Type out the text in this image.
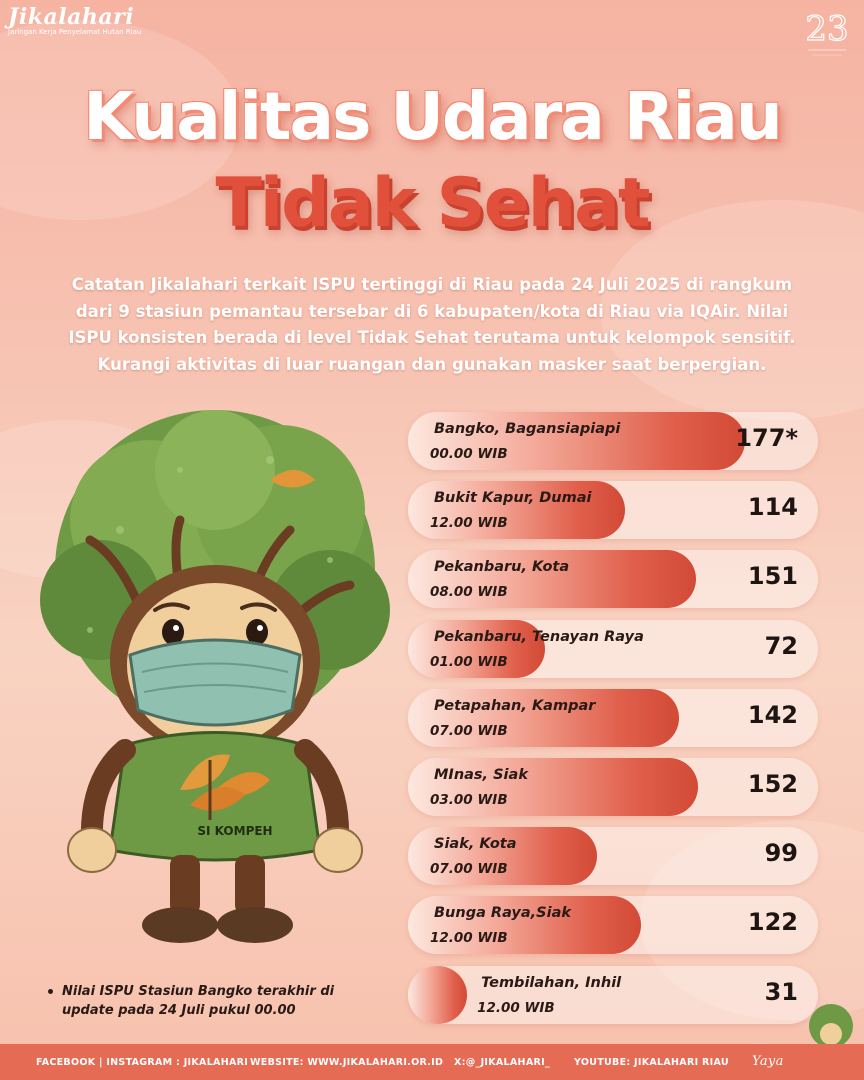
Jikalahari
Jaringan Kerja Penyelamat Hutan Riau	23
Kualitas Udara Riau
Tidak Sehat
Catatan Jikalahari terkait ISPU tertinggi di Riau pada 24 Juli 2025 di rangkum dari 9 stasiun pemantau tersebar di 6 kabupaten/kota di Riau via IQAir. Nilai ISPU konsisten berada di level Tidak Sehat terutama untuk kelompok sensitif. Kurangi aktivitas di luar ruangan dan gunakan masker saat berpergian.
SI KOMPEH
Bangko, Bagansiapiapi
00.00 WIB
177*
Bukit Kapur, Dumai
12.00 WIB
114
Pekanbaru, Kota
08.00 WIB
151
Pekanbaru, Tenayan Raya
01.00 WIB
72
Petapahan, Kampar
07.00 WIB
142
MInas, Siak
03.00 WIB
152
Siak, Kota
07.00 WIB
99
Bunga Raya,Siak
12.00 WIB
122
Tembilahan, Inhil
12.00 WIB
31
Nilai ISPU Stasiun Bangko terakhir di update pada 24 Juli pukul 00.00
FACEBOOK | INSTAGRAM : JIKALAHARI WEBSITE: WWW.JIKALAHARI.OR.ID X:@_JIKALAHARI_	YOUTUBE: JIKALAHARI RIAU Yaya
